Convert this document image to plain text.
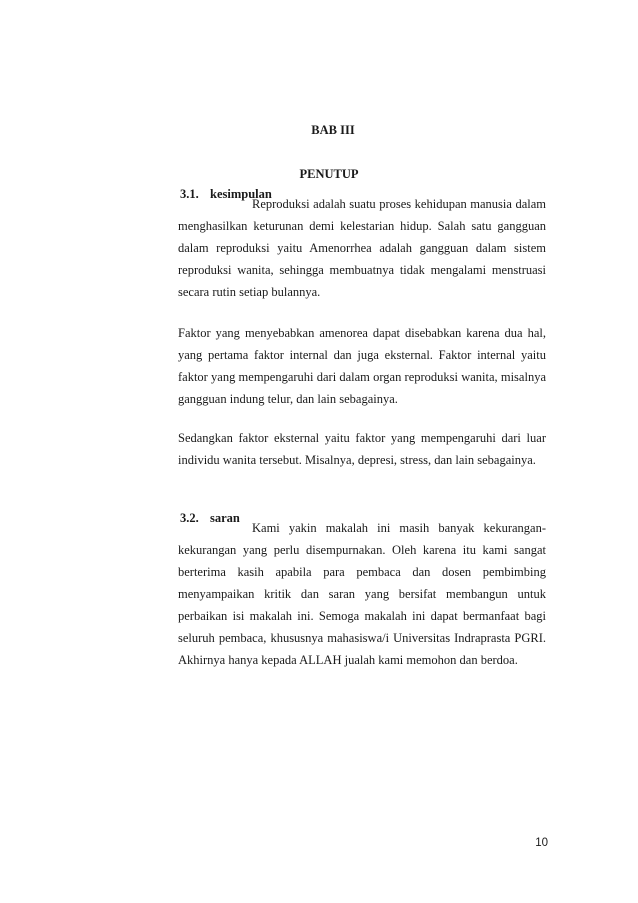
BAB III
PENUTUP
3.1. kesimpulan

Reproduksi adalah suatu proses kehidupan manusia dalam menghasilkan keturunan demi kelestarian hidup. Salah satu gangguan dalam reproduksi yaitu Amenorrhea adalah gangguan dalam sistem reproduksi wanita, sehingga membuatnya tidak mengalami menstruasi secara rutin setiap bulannya.

Faktor yang menyebabkan amenorea dapat disebabkan karena dua hal, yang pertama faktor internal dan juga eksternal. Faktor internal yaitu faktor yang mempengaruhi dari dalam organ reproduksi wanita, misalnya gangguan indung telur, dan lain sebagainya.

Sedangkan faktor eksternal yaitu faktor yang mempengaruhi dari luar individu wanita tersebut. Misalnya, depresi, stress, dan lain sebagainya.

3.2. saran

Kami yakin makalah ini masih banyak kekurangan-kekurangan yang perlu disempurnakan. Oleh karena itu kami sangat berterima kasih apabila para pembaca dan dosen pembimbing menyampaikan kritik dan saran yang bersifat membangun untuk perbaikan isi makalah ini. Semoga makalah ini dapat bermanfaat bagi seluruh pembaca, khususnya mahasiswa/i Universitas Indraprasta PGRI. Akhirnya hanya kepada ALLAH jualah kami memohon dan berdoa.

10
